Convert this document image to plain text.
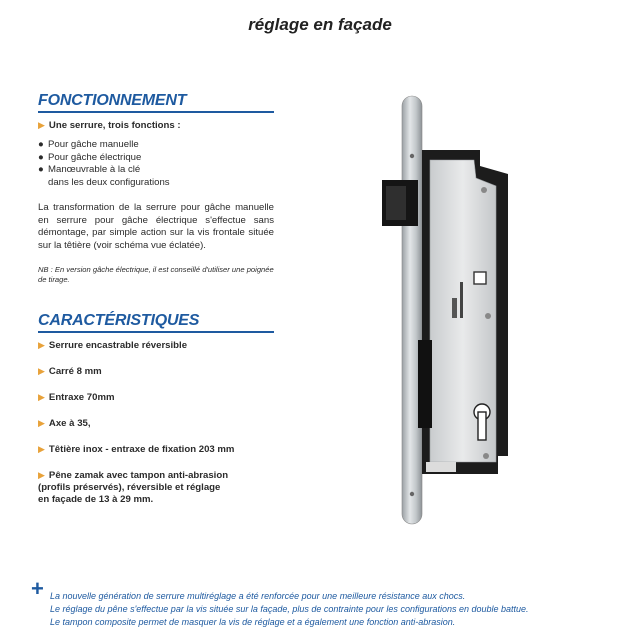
réglage en façade
FONCTIONNEMENT
▶ Une serrure, trois fonctions :
● Pour gâche manuelle
● Pour gâche électrique
● Manœuvrable à la clé
dans les deux configurations
La transformation de la serrure pour gâche manuelle en serrure pour gâche électrique s'effectue sans démontage, par simple action sur la vis frontale située sur la têtière (voir schéma vue éclatée).
NB : En version gâche électrique, il est conseillé d'utiliser une poignée de tirage.
CARACTÉRISTIQUES
▶ Serrure encastrable réversible
▶ Carré 8 mm
▶ Entraxe 70mm
▶ Axe à 35,
▶ Têtière inox - entraxe de fixation 203 mm
▶ Pêne zamak avec tampon anti-abrasion
(profils préservés), réversible et réglage
en façade de 13 à 29 mm.
+ La nouvelle génération de serrure multiréglage a été renforcée pour une meilleure résistance aux chocs.
Le réglage du pêne s'effectue par la vis située sur la façade, plus de contrainte pour les configurations en double battue.
Le tampon composite permet de masquer la vis de réglage et a également une fonction anti-abrasion.
